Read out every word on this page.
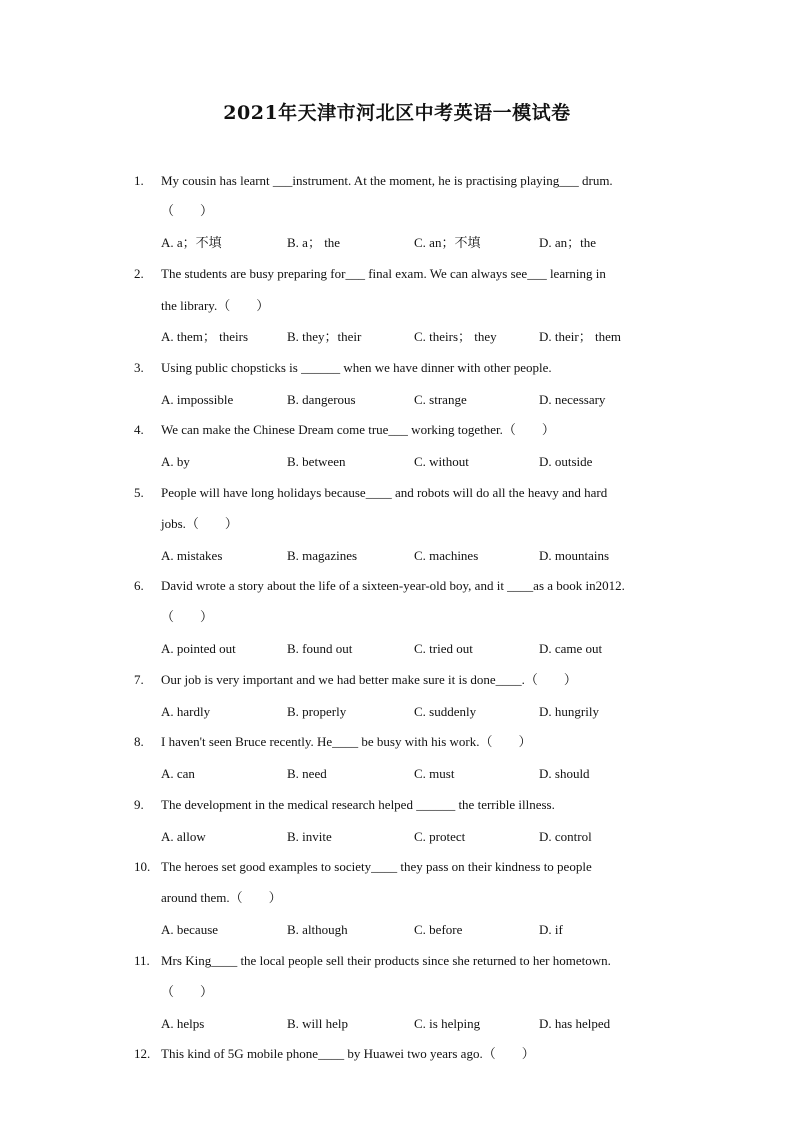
2021年天津市河北区中考英语一模试卷
1. My cousin has learnt ___instrument. At the moment, he is practising playing___ drum.
（　　）
A. a；不填	B. a； the	C. an；不填	D. an；the
2. The students are busy preparing for___ final exam. We can always see___ learning in
the library.（　　）
A. them； theirs	B. they；their	C. theirs； they	D. their； them
3. Using public chopsticks is ______ when we have dinner with other people.
A. impossible	B. dangerous	C. strange	D. necessary
4. We can make the Chinese Dream come true___ working together.（　　）
A. by	B. between	C. without	D. outside
5. People will have long holidays because____ and robots will do all the heavy and hard
jobs.（　　）
A. mistakes	B. magazines	C. machines	D. mountains
6. David wrote a story about the life of a sixteen-year-old boy, and it ____as a book in2012.
（　　）
A. pointed out	B. found out	C. tried out	D. came out
7. Our job is very important and we had better make sure it is done____.（　　）
A. hardly	B. properly	C. suddenly	D. hungrily
8. I haven't seen Bruce recently. He____ be busy with his work.（　　）
A. can	B. need	C. must	D. should
9. The development in the medical research helped ______ the terrible illness.
A. allow	B. invite	C. protect	D. control
10. The heroes set good examples to society____ they pass on their kindness to people
around them.（　　）
A. because	B. although	C. before	D. if
11. Mrs King____ the local people sell their products since she returned to her hometown.
（　　）
A. helps	B. will help	C. is helping	D. has helped
12. This kind of 5G mobile phone____ by Huawei two years ago.（　　）
